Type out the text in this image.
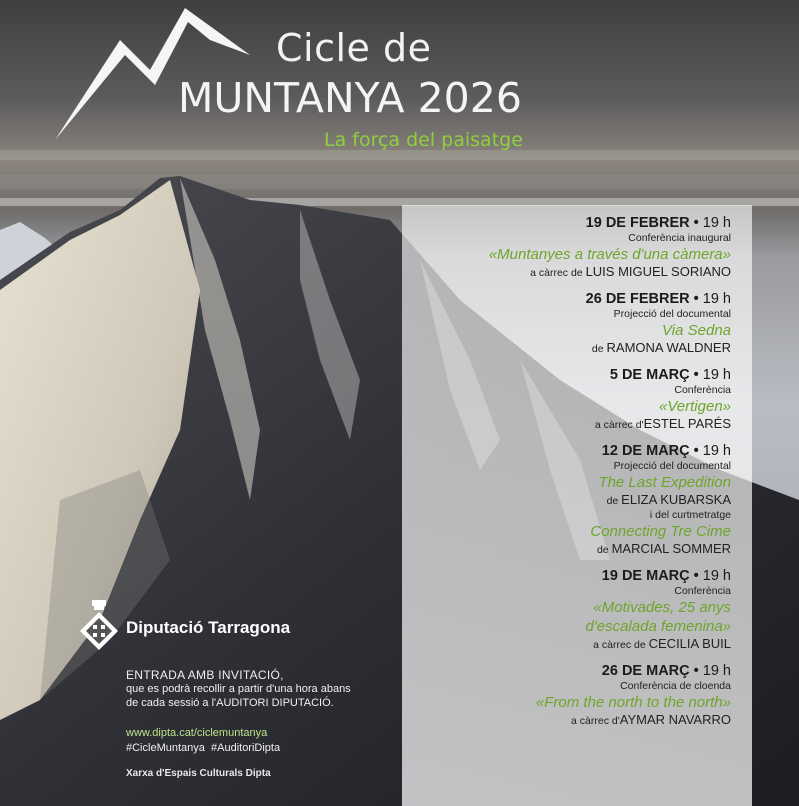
Cicle de
MUNTANYA 2026
La força del paisatge
19 DE FEBRER • 19 h
Conferència inaugural
«Muntanyes a través d'una càmera»
a càrrec de LUIS MIGUEL SORIANO
26 DE FEBRER • 19 h
Projecció del documental
Via Sedna
de RAMONA WALDNER
5 DE MARÇ • 19 h
Conferència
«Vertigen»
a càrrec d'ESTEL PARÉS
12 DE MARÇ • 19 h
Projecció del documental
The Last Expedition
de ELIZA KUBARSKA
i del curtmetratge
Connecting Tre Cime
de MARCIAL SOMMER
19 DE MARÇ • 19 h
Conferència
«Motivades, 25 anys
d'escalada femenina»
a càrrec de CECILIA BUIL
26 DE MARÇ • 19 h
Conferència de cloenda
«From the north to the north»
a càrrec d'AYMAR NAVARRO
Diputació Tarragona
ENTRADA AMB INVITACIÓ,
que es podrà recollir a partir d'una hora abans
de cada sessió a l'AUDITORI DIPUTACIÓ.
www.dipta.cat/ciclemuntanya
#CicleMuntanya #AuditoriDipta
Xarxa d'Espais Culturals Dipta
